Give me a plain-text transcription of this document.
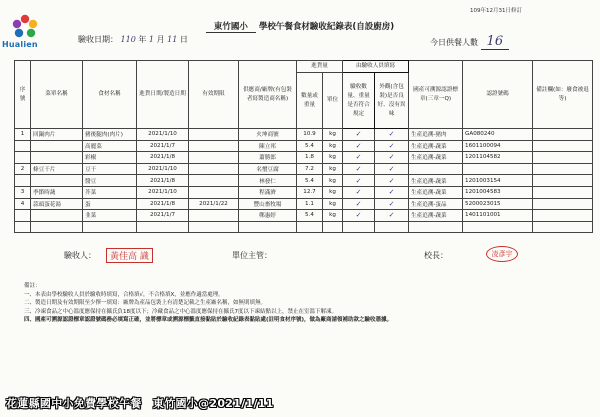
Hualien
109年12月31日修訂
東竹國小 學校午餐食材驗收紀錄表(自設廚房)
驗收日期： 110 年 1 月 11 日	今日供餐人數 16
序號	菜單名稱	食材名稱	進貨日期/製造日期	有效期限	供應商/廠牌(有包裝者寫製造商名稱)	進貨量		由驗收人員填寫		國產可溯源認證標章(三章一Q)	認證號碼	備註欄(如：廢食被退等)
						數量或重量	單位	驗收數量、重量是否符合規定	外觀(含包裝)是否良好、沒有異味			
1	回鍋肉片	豬後腿肉(肉片)	2021/1/10		火坤商號	10.9	kg	✓	✓	生產追溯-豬肉	GA080240	
		高麗菜	2021/1/7		陳立邦	5.4	kg	✓	✓	生產追溯-蔬菜	1601100094	
		彩椒	2021/1/8		蕭勝郎	1.8	kg	✓	✓	生產追溯-蔬菜	1201104582	
2	條豆干片	豆干	2021/1/10		名璽豆腐	7.2	kg	✓	✓			
		醬豆	2021/1/8		林發仁	5.4	kg	✓	✓	生產追溯-蔬菜	1201003154	
3	季節時蔬	芥菜	2021/1/10		程滿濟	12.7	kg	✓	✓	生產追溯-蔬菜	1201004583	
4	蒜頭蛋花湯	蛋	2021/1/8	2021/1/22	豐山畜牧場	1.1	kg	✓	✓	生產追溯-蛋品	5200023015	
		韭菜	2021/1/7		鄭惠婷	5.4	kg	✓	✓	生產追溯-蔬菜	1401101001	

驗收人：	黃佳高 識	單位主管：	校長：	凌彥宇
備註：
一、本表由學校驗收人員於驗收時填寫，合格填√，不合格填Ⅹ，並應作適當處理。
二、製造日期及有效期限至少擇一填寫：廠牌為產品包裝上有清楚記載之生產廠名稱，如無則填無。
三、冷凍食品之中心溫度應保持在攝氏負18度以下；冷藏食品之中心溫度應保持在攝氏7度以下凍結點以上，禁止在室溫下解凍。
四、國產可溯源認證標章認證號碼務必填寫正確，並將標章或溯源標籤直接黏貼於驗收紀錄表黏貼處(註明食材序號)，做為廠商請領補助款之驗收憑據。
花蓮縣國中小免費學校午餐　東竹國小@2021/1/11
